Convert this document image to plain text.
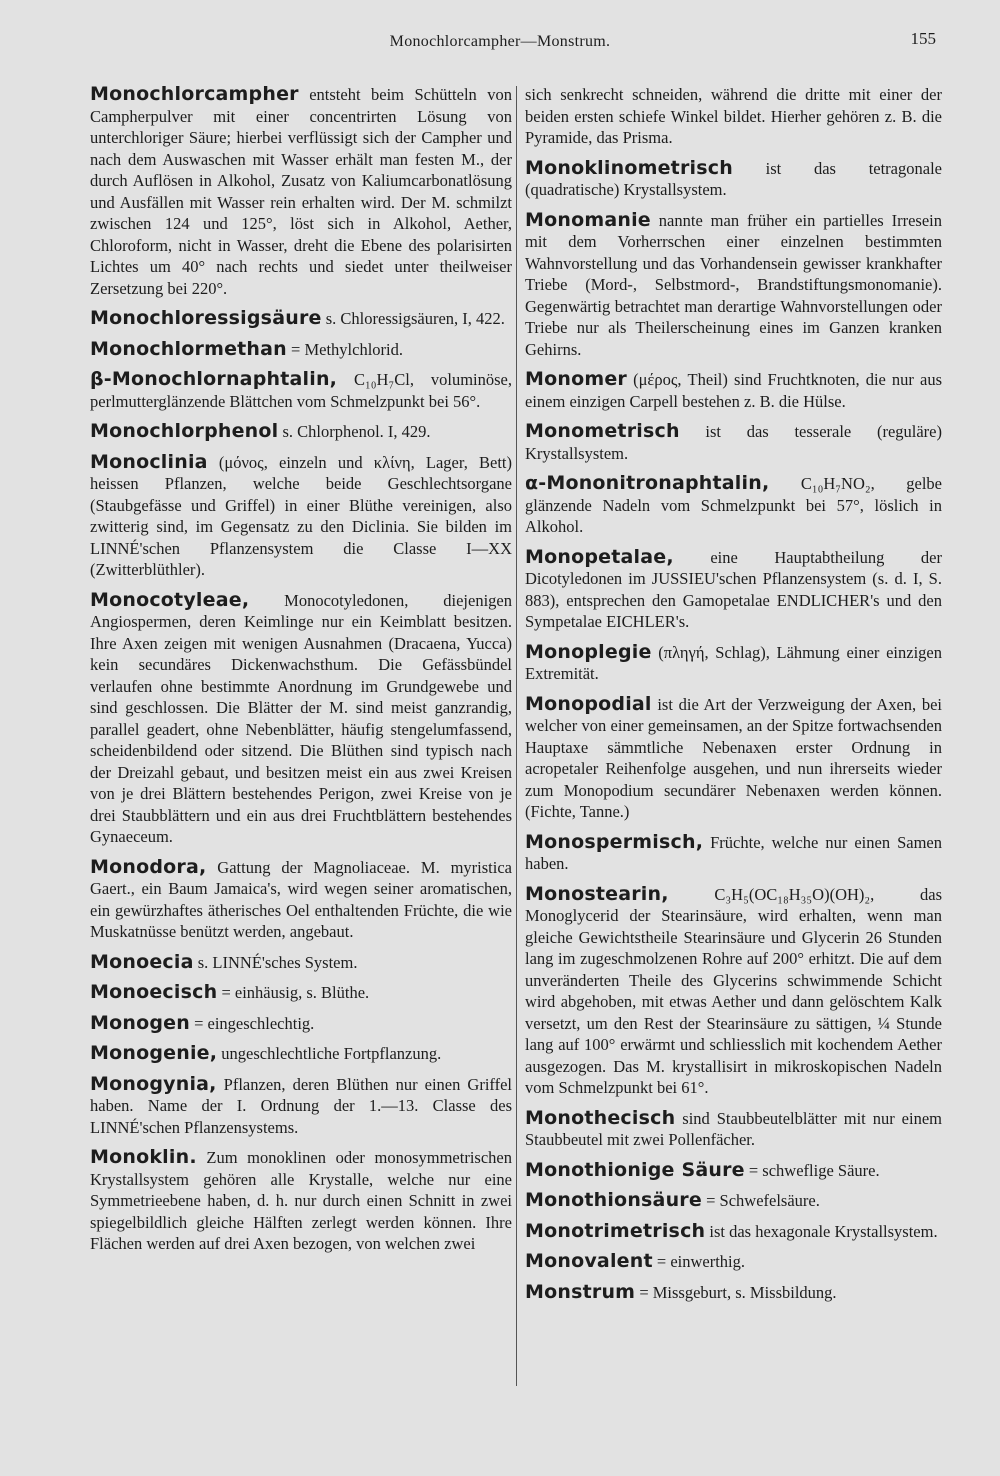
Monochlorcampher—Monstrum.	155

Monochlorcampher entsteht beim Schütteln von Campherpulver mit einer concentrirten Lösung von unterchloriger Säure; hierbei verflüssigt sich der Campher und nach dem Auswaschen mit Wasser erhält man festen M., der durch Auflösen in Alkohol, Zusatz von Kaliumcarbonatlösung und Ausfällen mit Wasser rein erhalten wird. Der M. schmilzt zwischen 124 und 125°, löst sich in Alkohol, Aether, Chloroform, nicht in Wasser, dreht die Ebene des polarisirten Lichtes um 40° nach rechts und siedet unter theilweiser Zersetzung bei 220°.

Monochloressigsäure s. Chloressigsäuren, I, 422.

Monochlormethan = Methylchlorid.

β-Monochlornaphtalin, C₁₀H₇Cl, voluminöse, perlmutterglänzende Blättchen vom Schmelzpunkt bei 56°.

Monochlorphenol s. Chlorphenol. I, 429.

Monoclinia (μόνος, einzeln und κλίνη, Lager, Bett) heissen Pflanzen, welche beide Geschlechtsorgane (Staubgefässe und Griffel) in einer Blüthe vereinigen, also zwitterig sind, im Gegensatz zu den Diclinia. Sie bilden im LINNÉ'schen Pflanzensystem die Classe I—XX (Zwitterblüthler).

Monocotyleae, Monocotyledonen, diejenigen Angiospermen, deren Keimlinge nur ein Keimblatt besitzen. Ihre Axen zeigen mit wenigen Ausnahmen (Dracaena, Yucca) kein secundäres Dickenwachsthum. Die Gefässbündel verlaufen ohne bestimmte Anordnung im Grundgewebe und sind geschlossen. Die Blätter der M. sind meist ganzrandig, parallel geadert, ohne Nebenblätter, häufig stengelumfassend, scheidenbildend oder sitzend. Die Blüthen sind typisch nach der Dreizahl gebaut, und besitzen meist ein aus zwei Kreisen von je drei Blättern bestehendes Perigon, zwei Kreise von je drei Staubblättern und ein aus drei Fruchtblättern bestehendes Gynaeceum.

Monodora, Gattung der Magnoliaceae. M. myristica Gaert., ein Baum Jamaica's, wird wegen seiner aromatischen, ein gewürzhaftes ätherisches Oel enthaltenden Früchte, die wie Muskatnüsse benützt werden, angebaut.

Monoecia s. LINNÉ'sches System.

Monoecisch = einhäusig, s. Blüthe.

Monogen = eingeschlechtig.

Monogenie, ungeschlechtliche Fortpflanzung.

Monogynia, Pflanzen, deren Blüthen nur einen Griffel haben. Name der I. Ordnung der 1.—13. Classe des LINNÉ'schen Pflanzensystems.

Monoklin. Zum monoklinen oder monosymmetrischen Krystallsystem gehören alle Krystalle, welche nur eine Symmetrieebene haben, d. h. nur durch einen Schnitt in zwei spiegelbildlich gleiche Hälften zerlegt werden können. Ihre Flächen werden auf drei Axen bezogen, von welchen zwei

sich senkrecht schneiden, während die dritte mit einer der beiden ersten schiefe Winkel bildet. Hierher gehören z. B. die Pyramide, das Prisma.

Monoklinometrisch ist das tetragonale (quadratische) Krystallsystem.

Monomanie nannte man früher ein partielles Irresein mit dem Vorherrschen einer einzelnen bestimmten Wahnvorstellung und das Vorhandensein gewisser krankhafter Triebe (Mord-, Selbstmord-, Brandstiftungsmonomanie). Gegenwärtig betrachtet man derartige Wahnvorstellungen oder Triebe nur als Theilerscheinung eines im Ganzen kranken Gehirns.

Monomer (μέρος, Theil) sind Fruchtknoten, die nur aus einem einzigen Carpell bestehen z. B. die Hülse.

Monometrisch ist das tesserale (reguläre) Krystallsystem.

α-Mononitronaphtalin, C₁₀H₇NO₂, gelbe glänzende Nadeln vom Schmelzpunkt bei 57°, löslich in Alkohol.

Monopetalae, eine Hauptabtheilung der Dicotyledonen im JUSSIEU'schen Pflanzensystem (s. d. I, S. 883), entsprechen den Gamopetalae ENDLICHER's und den Sympetalae EICHLER's.

Monoplegie (πληγή, Schlag), Lähmung einer einzigen Extremität.

Monopodial ist die Art der Verzweigung der Axen, bei welcher von einer gemeinsamen, an der Spitze fortwachsenden Hauptaxe sämmtliche Nebenaxen erster Ordnung in acropetaler Reihenfolge ausgehen, und nun ihrerseits wieder zum Monopodium secundärer Nebenaxen werden können. (Fichte, Tanne.)

Monospermisch, Früchte, welche nur einen Samen haben.

Monostearin, C₃H₅(OC₁₈H₃₅O)(OH)₂, das Monoglycerid der Stearinsäure, wird erhalten, wenn man gleiche Gewichtstheile Stearinsäure und Glycerin 26 Stunden lang im zugeschmolzenen Rohre auf 200° erhitzt. Die auf dem unveränderten Theile des Glycerins schwimmende Schicht wird abgehoben, mit etwas Aether und dann gelöschtem Kalk versetzt, um den Rest der Stearinsäure zu sättigen, ¼ Stunde lang auf 100° erwärmt und schliesslich mit kochendem Aether ausgezogen. Das M. krystallisirt in mikroskopischen Nadeln vom Schmelzpunkt bei 61°.

Monothecisch sind Staubbeutelblätter mit nur einem Staubbeutel mit zwei Pollenfächer.

Monothionige Säure = schweflige Säure.

Monothionsäure = Schwefelsäure.

Monotrimetrisch ist das hexagonale Krystallsystem.

Monovalent = einwerthig.

Monstrum = Missgeburt, s. Missbildung.
